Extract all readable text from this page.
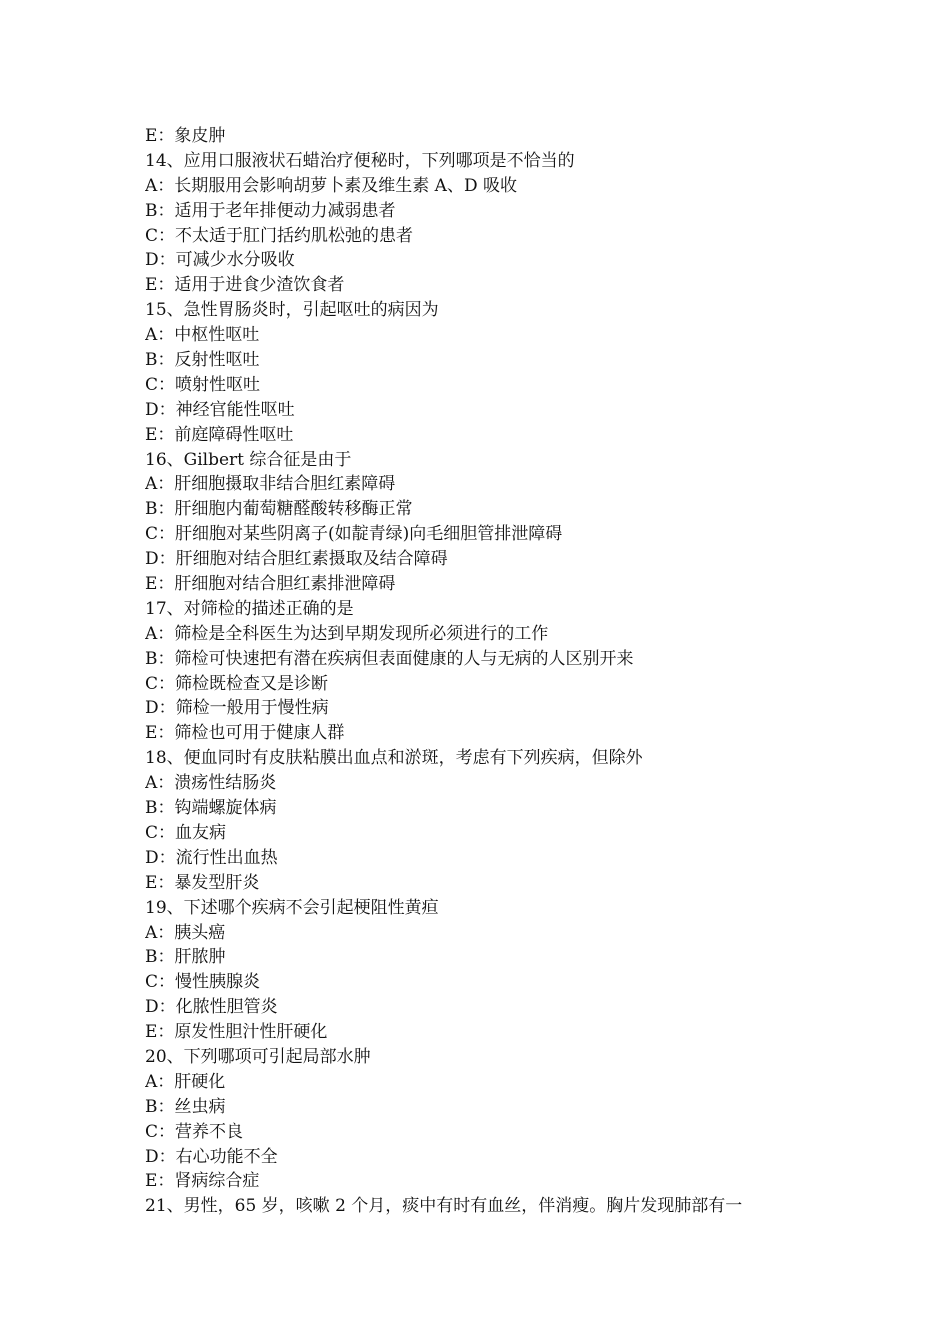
E：象皮肿
14、应用口服液状石蜡治疗便秘时，下列哪项是不恰当的
A：长期服用会影响胡萝卜素及维生素 A、D 吸收
B：适用于老年排便动力减弱患者
C：不太适于肛门括约肌松弛的患者
D：可减少水分吸收
E：适用于进食少渣饮食者
15、急性胃肠炎时，引起呕吐的病因为
A：中枢性呕吐
B：反射性呕吐
C：喷射性呕吐
D：神经官能性呕吐
E：前庭障碍性呕吐
16、Gilbert 综合征是由于
A：肝细胞摄取非结合胆红素障碍
B：肝细胞内葡萄糖醛酸转移酶正常
C：肝细胞对某些阴离子(如靛青绿)向毛细胆管排泄障碍
D：肝细胞对结合胆红素摄取及结合障碍
E：肝细胞对结合胆红素排泄障碍
17、对筛检的描述正确的是
A：筛检是全科医生为达到早期发现所必须进行的工作
B：筛检可快速把有潜在疾病但表面健康的人与无病的人区别开来
C：筛检既检查又是诊断
D：筛检一般用于慢性病
E：筛检也可用于健康人群
18、便血同时有皮肤粘膜出血点和淤斑，考虑有下列疾病，但除外
A：溃疡性结肠炎
B：钩端螺旋体病
C：血友病
D：流行性出血热
E：暴发型肝炎
19、下述哪个疾病不会引起梗阻性黄疸
A：胰头癌
B：肝脓肿
C：慢性胰腺炎
D：化脓性胆管炎
E：原发性胆汁性肝硬化
20、下列哪项可引起局部水肿
A：肝硬化
B：丝虫病
C：营养不良
D：右心功能不全
E：肾病综合症
21、男性，65 岁，咳嗽 2 个月，痰中有时有血丝，伴消瘦。胸片发现肺部有一
